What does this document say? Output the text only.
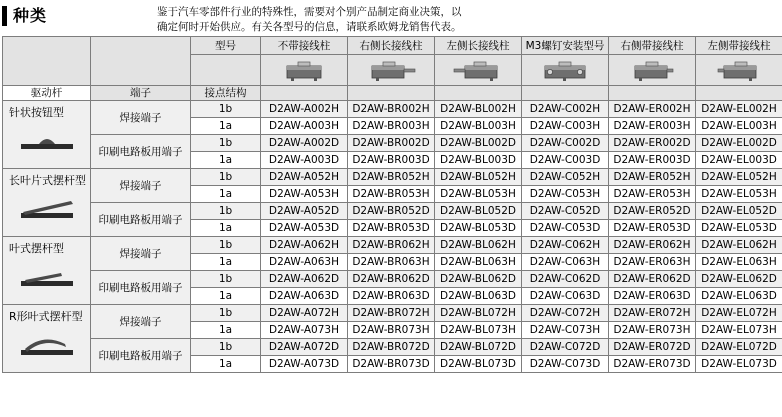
种类	鉴于汽车零部件行业的特殊性，需要对个别产品制定商业决策，以
确定何时开始供应。有关各型号的信息，请联系欧姆龙销售代表。
		型号	不带接线柱	右侧长接线柱	左侧长接线柱	M3螺钉安装型号	右侧带接线柱	左侧带接线柱

驱动杆	端子	接点结构						

针状按钮型	焊接端子	1b	D2AW-A002H	D2AW-BR002H	D2AW-BL002H	D2AW-C002H	D2AW-ER002H	D2AW-EL002H
		1a	D2AW-A003H	D2AW-BR003H	D2AW-BL003H	D2AW-C003H	D2AW-ER003H	D2AW-EL003H
	印刷电路板用端子	1b	D2AW-A002D	D2AW-BR002D	D2AW-BL002D	D2AW-C002D	D2AW-ER002D	D2AW-EL002D
		1a	D2AW-A003D	D2AW-BR003D	D2AW-BL003D	D2AW-C003D	D2AW-ER003D	D2AW-EL003D

长叶片式摆杆型	焊接端子	1b	D2AW-A052H	D2AW-BR052H	D2AW-BL052H	D2AW-C052H	D2AW-ER052H	D2AW-EL052H
		1a	D2AW-A053H	D2AW-BR053H	D2AW-BL053H	D2AW-C053H	D2AW-ER053H	D2AW-EL053H
	印刷电路板用端子	1b	D2AW-A052D	D2AW-BR052D	D2AW-BL052D	D2AW-C052D	D2AW-ER052D	D2AW-EL052D
		1a	D2AW-A053D	D2AW-BR053D	D2AW-BL053D	D2AW-C053D	D2AW-ER053D	D2AW-EL053D

叶式摆杆型	焊接端子	1b	D2AW-A062H	D2AW-BR062H	D2AW-BL062H	D2AW-C062H	D2AW-ER062H	D2AW-EL062H
		1a	D2AW-A063H	D2AW-BR063H	D2AW-BL063H	D2AW-C063H	D2AW-ER063H	D2AW-EL063H
	印刷电路板用端子	1b	D2AW-A062D	D2AW-BR062D	D2AW-BL062D	D2AW-C062D	D2AW-ER062D	D2AW-EL062D
		1a	D2AW-A063D	D2AW-BR063D	D2AW-BL063D	D2AW-C063D	D2AW-ER063D	D2AW-EL063D

R形叶式摆杆型	焊接端子	1b	D2AW-A072H	D2AW-BR072H	D2AW-BL072H	D2AW-C072H	D2AW-ER072H	D2AW-EL072H
		1a	D2AW-A073H	D2AW-BR073H	D2AW-BL073H	D2AW-C073H	D2AW-ER073H	D2AW-EL073H
	印刷电路板用端子	1b	D2AW-A072D	D2AW-BR072D	D2AW-BL072D	D2AW-C072D	D2AW-ER072D	D2AW-EL072D
		1a	D2AW-A073D	D2AW-BR073D	D2AW-BL073D	D2AW-C073D	D2AW-ER073D	D2AW-EL073D
